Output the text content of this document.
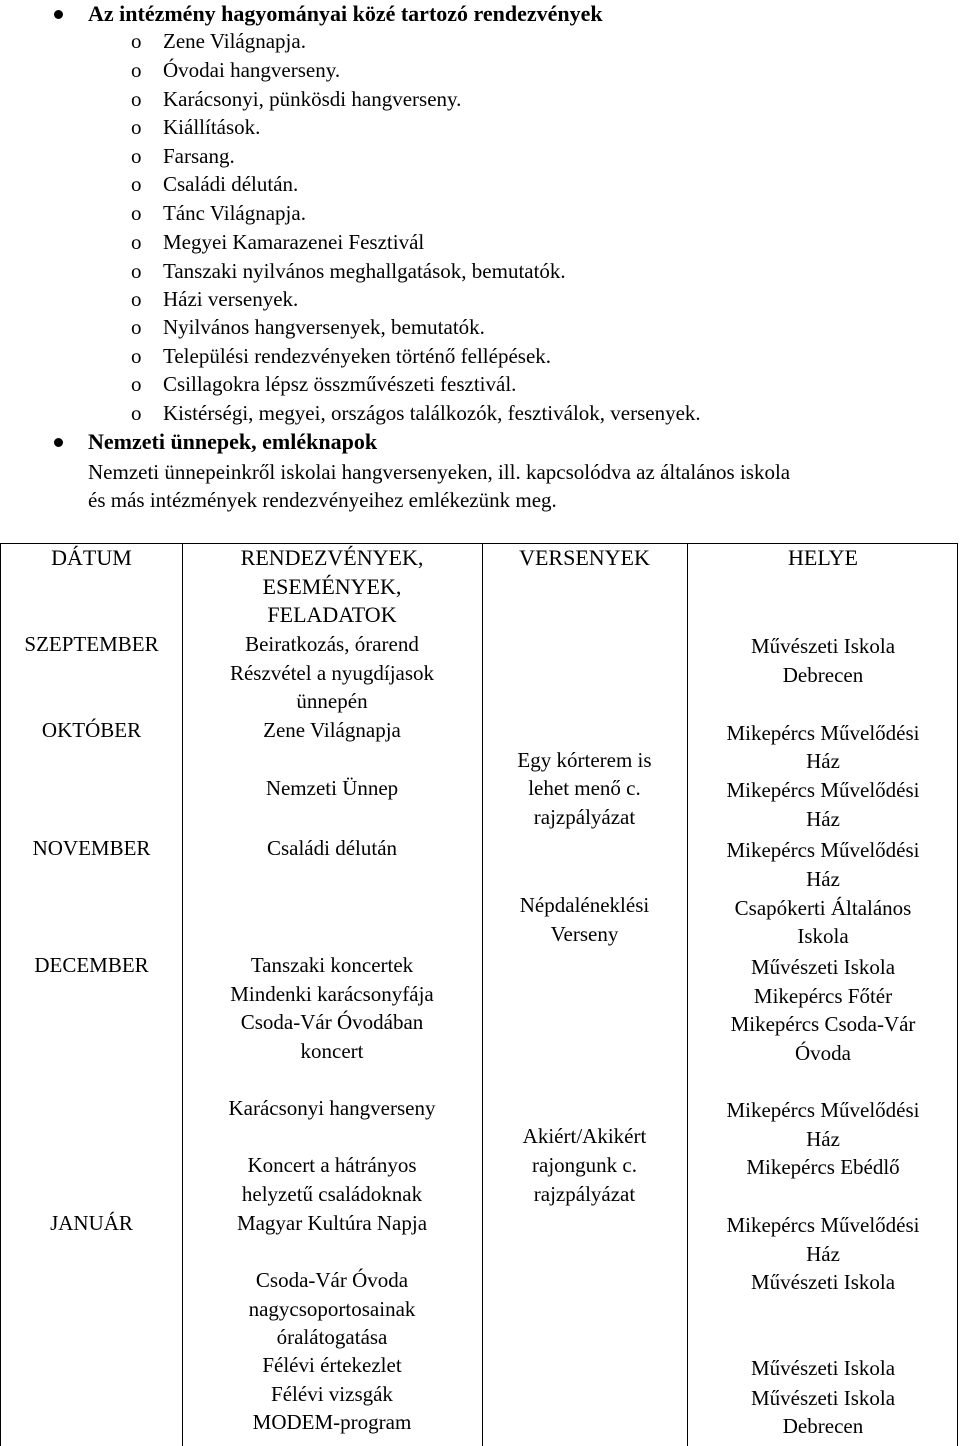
Az intézmény hagyományai közé tartozó rendezvények
o Zene Világnapja.
o Óvodai hangverseny.
o Karácsonyi, pünkösdi hangverseny.
o Kiállítások.
o Farsang.
o Családi délután.
o Tánc Világnapja.
o Megyei Kamarazenei Fesztivál
o Tanszaki nyilvános meghallgatások, bemutatók.
o Házi versenyek.
o Nyilvános hangversenyek, bemutatók.
o Települési rendezvényeken történő fellépések.
o Csillagokra lépsz összművészeti fesztivál.
o Kistérségi, megyei, országos találkozók, fesztiválok, versenyek.
Nemzeti ünnepek, emléknapok
Nemzeti ünnepeinkről iskolai hangversenyeken, ill. kapcsolódva az általános iskola
és más intézmények rendezvényeihez emlékezünk meg.
DÁTUM
SZEPTEMBER
OKTÓBER
NOVEMBER
DECEMBER
JANUÁR
RENDEZVÉNYEK,
ESEMÉNYEK,
FELADATOK
Beiratkozás, órarend
Részvétel a nyugdíjasok
ünnepén
Zene Világnapja
Nemzeti Ünnep
Családi délután
Tanszaki koncertek
Mindenki karácsonyfája
Csoda-Vár Óvodában
koncert
Karácsonyi hangverseny
Koncert a hátrányos
helyzetű családoknak
Magyar Kultúra Napja
Csoda-Vár Óvoda
nagycsoportosainak
óralátogatása
Félévi értekezlet
Félévi vizsgák
MODEM-program
VERSENYEK
Egy kórterem is
lehet menő c.
rajzpályázat
Népdaléneklési
Verseny
Akiért/Akikért
rajongunk c.
rajzpályázat
HELYE
Művészeti Iskola
Debrecen
Mikepércs Művelődési
Ház
Mikepércs Művelődési
Ház
Mikepércs Művelődési
Ház
Csapókerti Általános
Iskola
Művészeti Iskola
Mikepércs Főtér
Mikepércs Csoda-Vár
Óvoda
Mikepércs Művelődési
Ház
Mikepércs Ebédlő
Mikepércs Művelődési
Ház
Művészeti Iskola
Művészeti Iskola
Művészeti Iskola
Debrecen
